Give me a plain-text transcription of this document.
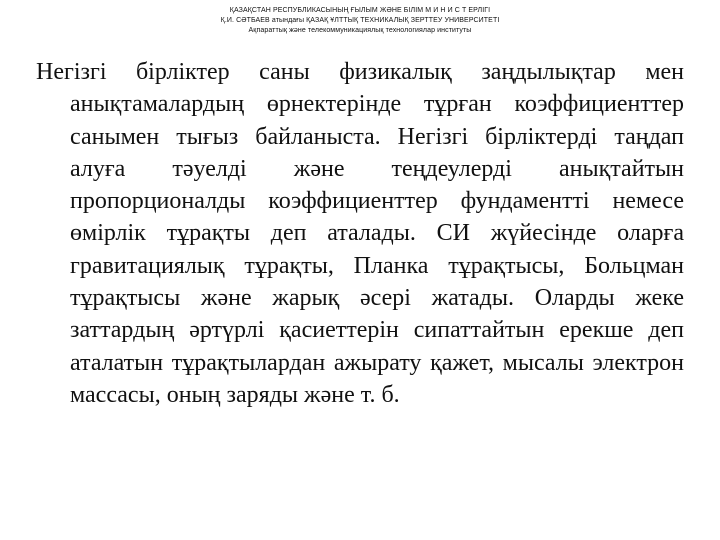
ҚАЗАҚСТАН РЕСПУБЛИКАСЫНЫҢ ҒЫЛЫМ ЖӘНЕ БІЛІМ М И Н И С Т ЕРЛІГІ
Қ.И. СӘТБАЕВ атындағы ҚАЗАҚ ҰЛТТЫҚ ТЕХНИКАЛЫҚ ЗЕРТТЕУ УНИВЕРСИТЕТІ
Ақпараттық және телекоммуникациялық технологиялар институты

Негізгі бірліктер саны физикалық заңдылықтар мен анықтамалардың өрнектерінде тұрған коэффициенттер санымен тығыз байланыста. Негізгі бірліктерді таңдап алуға тәуелді және теңдеулерді анықтайтын пропорционалды коэффициенттер фундаментті немесе өмірлік тұрақты деп аталады. СИ жүйесінде оларға гравитациялық тұрақты, Планка тұрақтысы, Больцман тұрақтысы және жарық әсері жатады. Оларды жеке заттардың әртүрлі қасиеттерін сипаттайтын ерекше деп аталатын тұрақтылардан ажырату қажет, мысалы электрон массасы, оның заряды және т. б.
